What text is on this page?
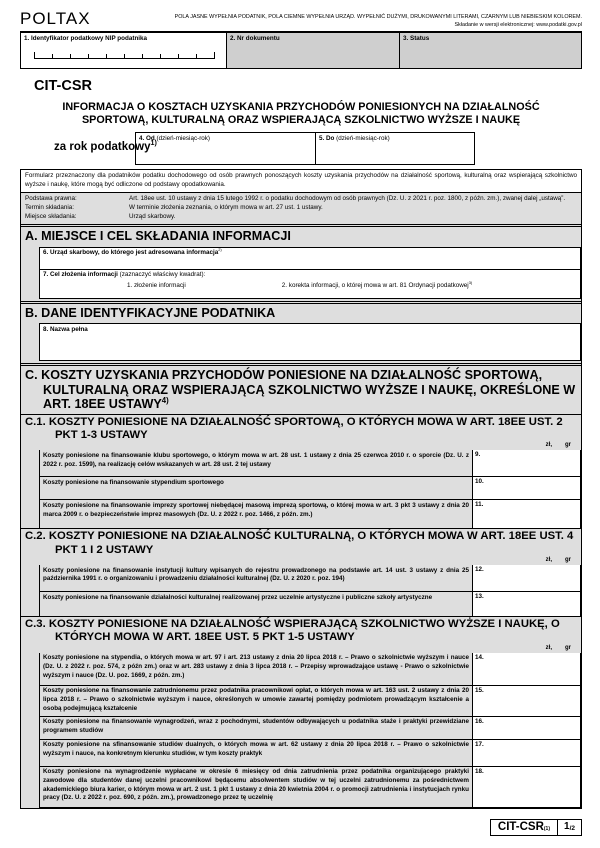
POLTAX	POLA JASNE WYPEŁNIA PODATNIK, POLA CIEMNE WYPEŁNIA URZĄD. WYPEŁNIĆ DUŻYMI, DRUKOWANYMI LITERAMI, CZARNYM LUB NIEBIESKIM KOLOREM.
Składanie w wersji elektronicznej: www.podatki.gov.pl
1. Identyfikator podatkowy NIP podatnika	2. Nr dokumentu	3. Status
CIT-CSR
INFORMACJA O KOSZTACH UZYSKANIA PRZYCHODÓW PONIESIONYCH NA DZIAŁALNOŚĆ SPORTOWĄ, KULTURALNĄ ORAZ WSPIERAJĄCĄ SZKOLNICTWO WYŻSZE I NAUKĘ
za rok podatkowy$^{1)}$
4. Od (dzień-miesiąc-rok)	5. Do (dzień-miesiąc-rok)
Formularz przeznaczony dla podatników podatku dochodowego od osób prawnych ponoszących koszty uzyskania przychodów na działalność sportową, kulturalną oraz wspierającą szkolnictwo wyższe i naukę, które mogą być odliczone od podstawy opodatkowania.
Podstawa prawna:	Art. 18ee ust. 10 ustawy z dnia 15 lutego 1992 r. o podatku dochodowym od osób prawnych (Dz. U. z 2021 r. poz. 1800, z późn. zm.), zwanej dalej „ustawą”.
Termin składania:	W terminie złożenia zeznania, o którym mowa w art. 27 ust. 1 ustawy.
Miejsce składania:	Urząd skarbowy.
A. MIEJSCE I CEL SKŁADANIA INFORMACJI
6. Urząd skarbowy, do którego jest adresowana informacja$^{2)}$
7. Cel złożenia informacji (zaznaczyć właściwy kwadrat):
1. złożenie informacji	2. korekta informacji, o której mowa w art. 81 Ordynacji podatkowej$^{3)}$
B. DANE IDENTYFIKACYJNE PODATNIKA
8. Nazwa pełna
C. KOSZTY UZYSKANIA PRZYCHODÓW PONIESIONE NA DZIAŁALNOŚĆ SPORTOWĄ, KULTURALNĄ ORAZ WSPIERAJĄCĄ SZKOLNICTWO WYŻSZE I NAUKĘ, OKREŚLONE W ART. 18EE USTAWY$^{4)}$
C.1. KOSZTY PONIESIONE NA DZIAŁALNOŚĆ SPORTOWĄ, O KTÓRYCH MOWA W ART. 18EE UST. 2 PKT 1-3 USTAWY
zł, gr
Koszty poniesione na finansowanie klubu sportowego, o którym mowa w art. 28 ust. 1 ustawy z dnia 25 czerwca 2010 r. o sporcie (Dz. U. z 2022 r. poz. 1599), na realizację celów wskazanych w art. 28 ust. 2 tej ustawy
9.
Koszty poniesione na finansowanie stypendium sportowego	10.
Koszty poniesione na finansowanie imprezy sportowej niebędącej masową imprezą sportową, o której mowa w art. 3 pkt 3 ustawy z dnia 20 marca 2009 r. o bezpieczeństwie imprez masowych (Dz. U. z 2022 r. poz. 1466, z późn. zm.)
11.
C.2. KOSZTY PONIESIONE NA DZIAŁALNOŚĆ KULTURALNĄ, O KTÓRYCH MOWA W ART. 18EE UST. 4 PKT 1 I 2 USTAWY
zł, gr
Koszty poniesione na finansowanie instytucji kultury wpisanych do rejestru prowadzonego na podstawie art. 14 ust. 3 ustawy z dnia 25 października 1991 r. o organizowaniu i prowadzeniu działalności kulturalnej (Dz. U. z 2020 r. poz. 194)
12.
Koszty poniesione na finansowanie działalności kulturalnej realizowanej przez uczelnie artystyczne i publiczne szkoły artystyczne	13.
C.3. KOSZTY PONIESIONE NA DZIAŁALNOŚĆ WSPIERAJĄCĄ SZKOLNICTWO WYŻSZE I NAUKĘ, O KTÓRYCH MOWA W ART. 18EE UST. 5 PKT 1-5 USTAWY
zł, gr
Koszty poniesione na stypendia, o których mowa w art. 97 i art. 213 ustawy z dnia 20 lipca 2018 r. – Prawo o szkolnictwie wyższym i nauce (Dz. U. z 2022 r. poz. 574, z późn zm.) oraz w art. 283 ustawy z dnia 3 lipca 2018 r. – Przepisy wprowadzające ustawę - Prawo o szkolnictwie wyższym i nauce (Dz. U. poz. 1669, z późn. zm.)
14.
Koszty poniesione na finansowanie zatrudnionemu przez podatnika pracownikowi opłat, o których mowa w art. 163 ust. 2 ustawy z dnia 20 lipca 2018 r. – Prawo o szkolnictwie wyższym i nauce, określonych w umowie zawartej pomiędzy podmiotem prowadzącym kształcenie a osobą podejmującą kształcenie
15.
Koszty poniesione na finansowanie wynagrodzeń, wraz z pochodnymi, studentów odbywających u podatnika staże i praktyki przewidziane programem studiów
16.
Koszty poniesione na sfinansowanie studiów dualnych, o których mowa w art. 62 ustawy z dnia 20 lipca 2018 r. – Prawo o szkolnictwie wyższym i nauce, na konkretnym kierunku studiów, w tym koszty praktyk
17.
Koszty poniesione na wynagrodzenie wypłacane w okresie 6 miesięcy od dnia zatrudnienia przez podatnika organizującego praktyki zawodowe dla studentów danej uczelni pracownikowi będącemu absolwentem studiów w tej uczelni zatrudnionemu za pośrednictwem akademickiego biura karier, o którym mowa w art. 2 ust. 1 pkt 1 ustawy z dnia 20 kwietnia 2004 r. o promocji zatrudnienia i instytucjach rynku pracy (Dz. U. z 2022 r. poz. 690, z późn. zm.), prowadzonego przez tę uczelnię
18.
CIT-CSR(1)	1 /2
